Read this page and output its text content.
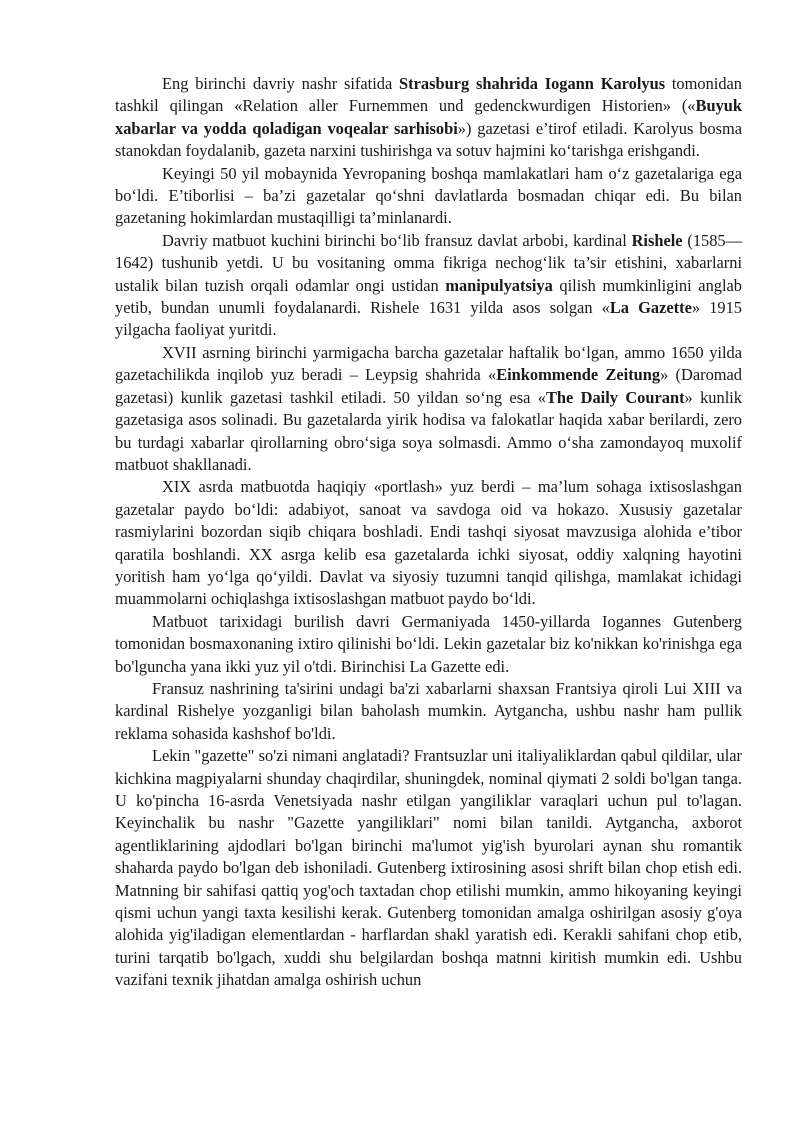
Eng birinchi davriy nashr sifatida Strasburg shahrida Iogann Karolyus tomonidan tashkil qilingan «Relation aller Furnemmen und gedenckwurdigen Historien» («Buyuk xabarlar va yodda qoladigan voqealar sarhisobi») gazetasi e’tirof etiladi. Karolyus bosma stanokdan foydalanib, gazeta narxini tushirishga va sotuv hajmini ko‘tarishga erishgandi.

Keyingi 50 yil mobaynida Yevropaning boshqa mamlakatlari ham o‘z gazetalariga ega bo‘ldi. E’tiborlisi – ba’zi gazetalar qo‘shni davlatlarda bosmadan chiqar edi. Bu bilan gazetaning hokimlardan mustaqilligi ta’minlanardi.

Davriy matbuot kuchini birinchi bo‘lib fransuz davlat arbobi, kardinal Rishele (1585— 1642) tushunib yetdi. U bu vositaning omma fikriga nechog‘lik ta’sir etishini, xabarlarni ustalik bilan tuzish orqali odamlar ongi ustidan manipulyatsiya qilish mumkinligini anglab yetib, bundan unumli foydalanardi. Rishele 1631 yilda asos solgan «La Gazette» 1915 yilgacha faoliyat yuritdi.

XVII asrning birinchi yarmigacha barcha gazetalar haftalik bo‘lgan, ammo 1650 yilda gazetachilikda inqilob yuz beradi – Leypsig shahrida «Einkommende Zeitung» (Daromad gazetasi) kunlik gazetasi tashkil etiladi. 50 yildan so‘ng esa «The Daily Courant» kunlik gazetasiga asos solinadi. Bu gazetalarda yirik hodisa va falokatlar haqida xabar berilardi, zero bu turdagi xabarlar qirollarning obro‘siga soya solmasdi. Ammo o‘sha zamondayoq muxolif matbuot shakllanadi.

XIX asrda matbuotda haqiqiy «portlash» yuz berdi – ma’lum sohaga ixtisoslashgan gazetalar paydo bo‘ldi: adabiyot, sanoat va savdoga oid va hokazo. Xususiy gazetalar rasmiylarini bozordan siqib chiqara boshladi. Endi tashqi siyosat mavzusiga alohida e’tibor qaratila boshlandi. XX asrga kelib esa gazetalarda ichki siyosat, oddiy xalqning hayotini yoritish ham yo‘lga qo‘yildi. Davlat va siyosiy tuzumni tanqid qilishga, mamlakat ichidagi muammolarni ochiqlashga ixtisoslashgan matbuot paydo bo‘ldi.

Matbuot tarixidagi burilish davri Germaniyada 1450-yillarda Iogannes Gutenberg tomonidan bosmaxonaning ixtiro qilinishi bo‘ldi. Lekin gazetalar biz ko'nikkan ko'rinishga ega bo'lguncha yana ikki yuz yil o'tdi. Birinchisi La Gazette edi.

Fransuz nashrining ta'sirini undagi ba'zi xabarlarni shaxsan Frantsiya qiroli Lui XIII va kardinal Rishelye yozganligi bilan baholash mumkin. Aytgancha, ushbu nashr ham pullik reklama sohasida kashshof bo'ldi.

Lekin "gazette" so'zi nimani anglatadi? Frantsuzlar uni italiyaliklardan qabul qildilar, ular kichkina magpiyalarni shunday chaqirdilar, shuningdek, nominal qiymati 2 soldi bo'lgan tanga. U ko'pincha 16-asrda Venetsiyada nashr etilgan yangiliklar varaqlari uchun pul to'lagan. Keyinchalik bu nashr "Gazette yangiliklari" nomi bilan tanildi. Aytgancha, axborot agentliklarining ajdodlari bo'lgan birinchi ma'lumot yig'ish byurolari aynan shu romantik shaharda paydo bo'lgan deb ishoniladi. Gutenberg ixtirosining asosi shrift bilan chop etish edi. Matnning bir sahifasi qattiq yog'och taxtadan chop etilishi mumkin, ammo hikoyaning keyingi qismi uchun yangi taxta kesilishi kerak. Gutenberg tomonidan amalga oshirilgan asosiy g'oya alohida yig'iladigan elementlardan - harflardan shakl yaratish edi. Kerakli sahifani chop etib, turini tarqatib bo'lgach, xuddi shu belgilardan boshqa matnni kiritish mumkin edi. Ushbu vazifani texnik jihatdan amalga oshirish uchun
